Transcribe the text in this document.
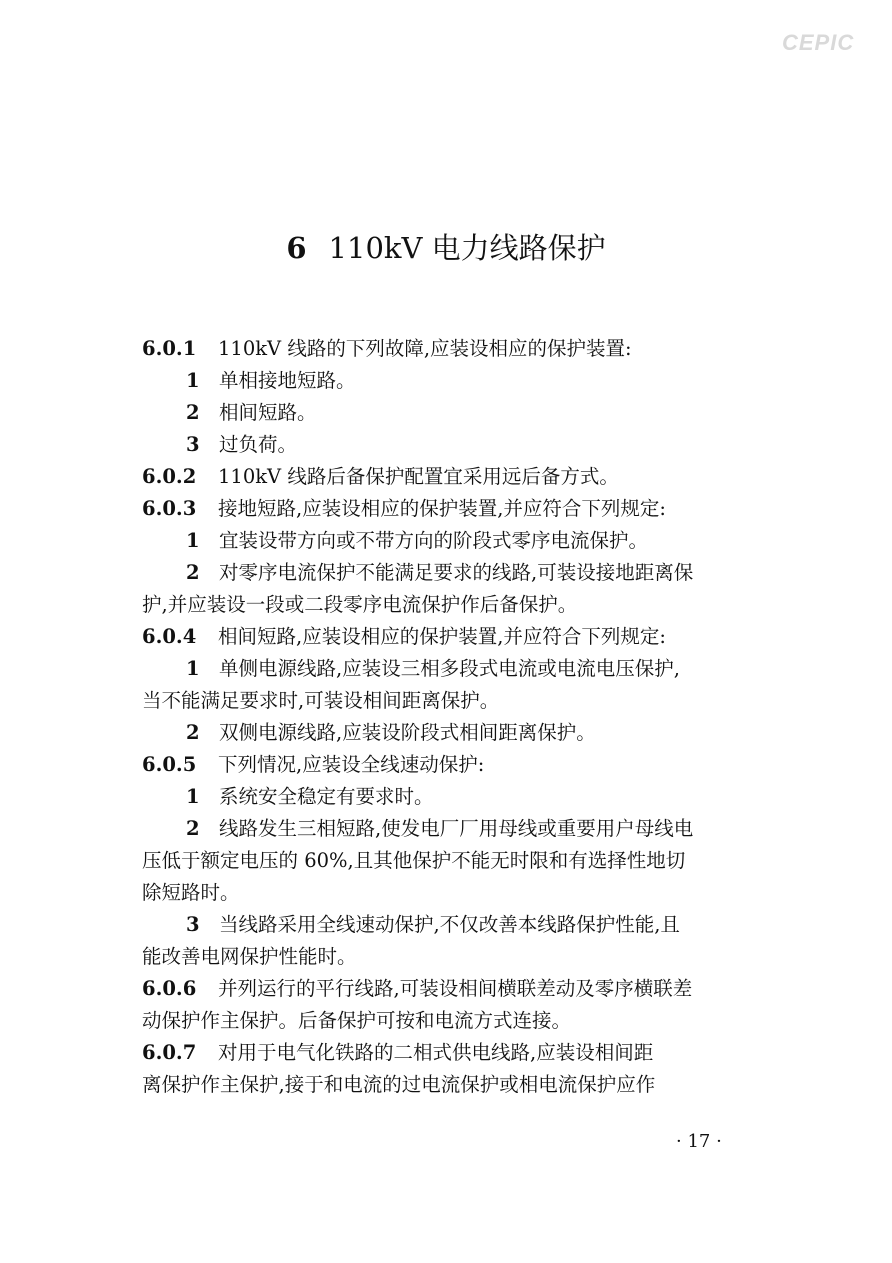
CEPIC
6 110kV 电力线路保护
6.0.1 110kV 线路的下列故障,应装设相应的保护装置:
1 单相接地短路。
2 相间短路。
3 过负荷。
6.0.2 110kV 线路后备保护配置宜采用远后备方式。
6.0.3 接地短路,应装设相应的保护装置,并应符合下列规定:
1 宜装设带方向或不带方向的阶段式零序电流保护。
2 对零序电流保护不能满足要求的线路,可装设接地距离保
护,并应装设一段或二段零序电流保护作后备保护。
6.0.4 相间短路,应装设相应的保护装置,并应符合下列规定:
1 单侧电源线路,应装设三相多段式电流或电流电压保护,
当不能满足要求时,可装设相间距离保护。
2 双侧电源线路,应装设阶段式相间距离保护。
6.0.5 下列情况,应装设全线速动保护:
1 系统安全稳定有要求时。
2 线路发生三相短路,使发电厂厂用母线或重要用户母线电
压低于额定电压的 60%,且其他保护不能无时限和有选择性地切
除短路时。
3 当线路采用全线速动保护,不仅改善本线路保护性能,且
能改善电网保护性能时。
6.0.6 并列运行的平行线路,可装设相间横联差动及零序横联差
动保护作主保护。后备保护可按和电流方式连接。
6.0.7 对用于电气化铁路的二相式供电线路,应装设相间距
离保护作主保护,接于和电流的过电流保护或相电流保护应作
· 17 ·
